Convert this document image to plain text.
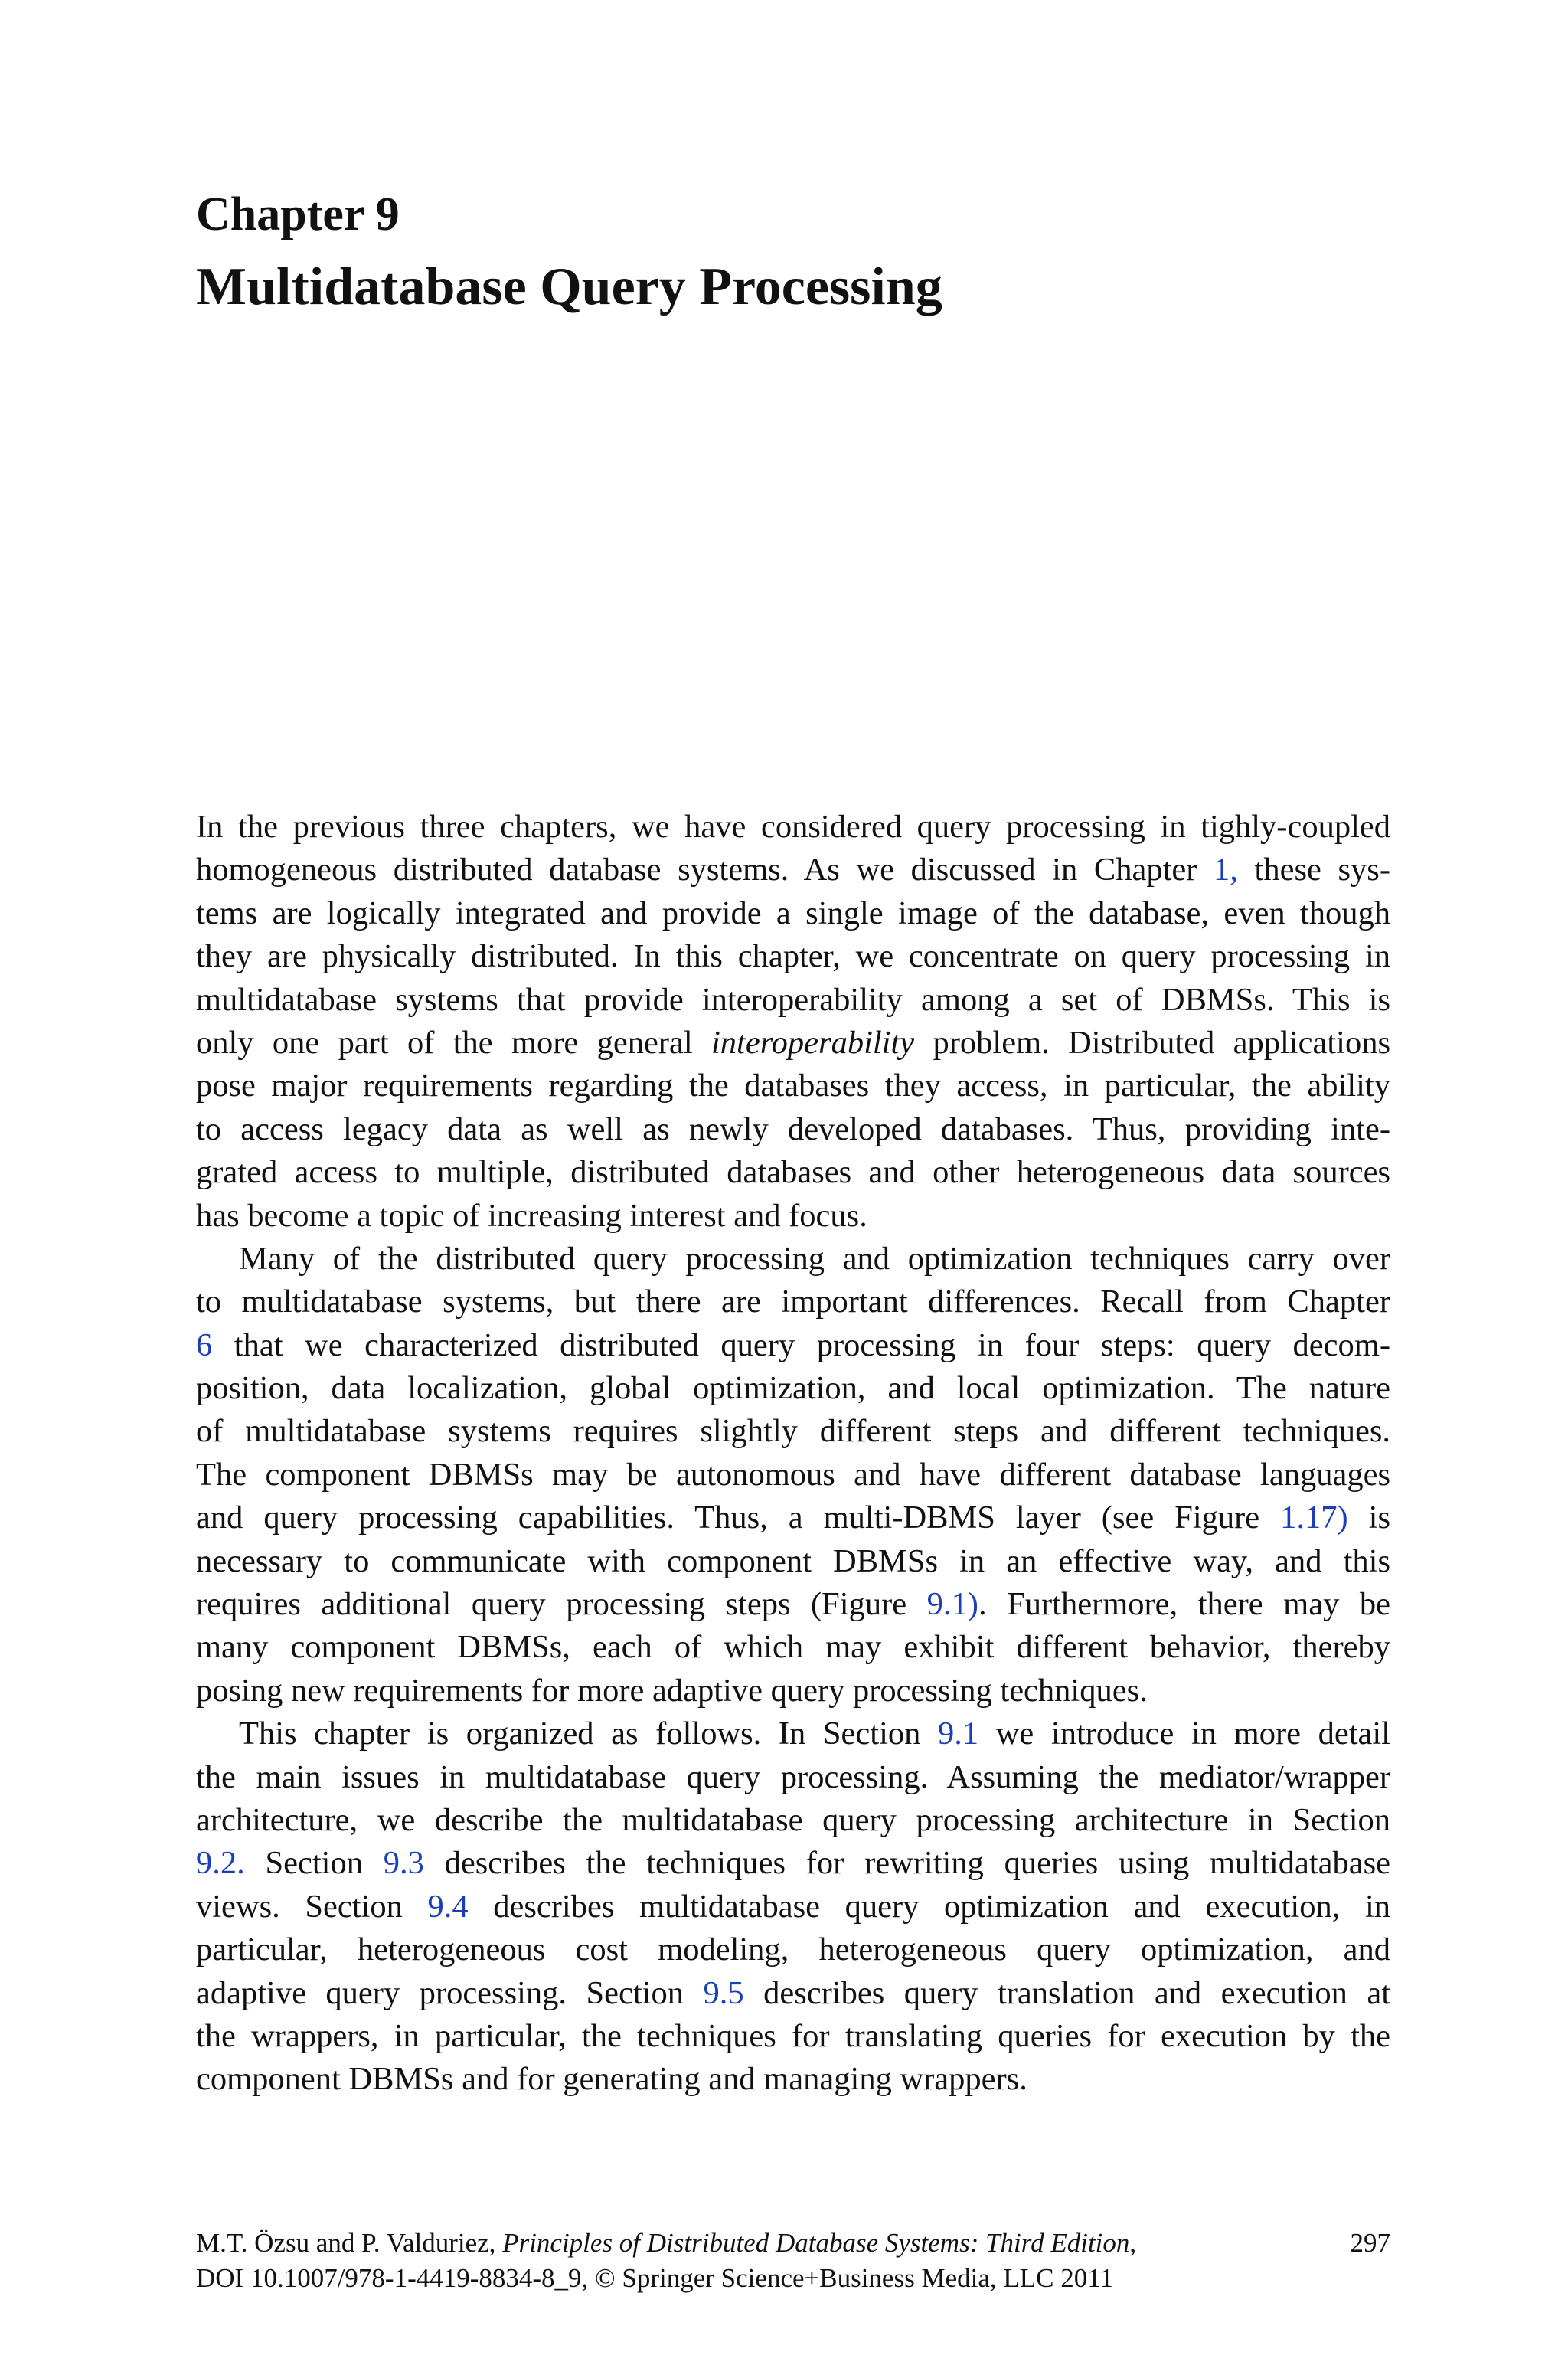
Chapter 9
Multidatabase Query Processing
In the previous three chapters, we have considered query processing in tighly-coupled
homogeneous distributed database systems. As we discussed in Chapter 1, these sys-
tems are logically integrated and provide a single image of the database, even though
they are physically distributed. In this chapter, we concentrate on query processing in
multidatabase systems that provide interoperability among a set of DBMSs. This is
only one part of the more general interoperability problem. Distributed applications
pose major requirements regarding the databases they access, in particular, the ability
to access legacy data as well as newly developed databases. Thus, providing inte-
grated access to multiple, distributed databases and other heterogeneous data sources
has become a topic of increasing interest and focus.
Many of the distributed query processing and optimization techniques carry over
to multidatabase systems, but there are important differences. Recall from Chapter
6 that we characterized distributed query processing in four steps: query decom-
position, data localization, global optimization, and local optimization. The nature
of multidatabase systems requires slightly different steps and different techniques.
The component DBMSs may be autonomous and have different database languages
and query processing capabilities. Thus, a multi-DBMS layer (see Figure 1.17) is
necessary to communicate with component DBMSs in an effective way, and this
requires additional query processing steps (Figure 9.1). Furthermore, there may be
many component DBMSs, each of which may exhibit different behavior, thereby
posing new requirements for more adaptive query processing techniques.
This chapter is organized as follows. In Section 9.1 we introduce in more detail
the main issues in multidatabase query processing. Assuming the mediator/wrapper
architecture, we describe the multidatabase query processing architecture in Section
9.2. Section 9.3 describes the techniques for rewriting queries using multidatabase
views. Section 9.4 describes multidatabase query optimization and execution, in
particular, heterogeneous cost modeling, heterogeneous query optimization, and
adaptive query processing. Section 9.5 describes query translation and execution at
the wrappers, in particular, the techniques for translating queries for execution by the
component DBMSs and for generating and managing wrappers.
M.T. Özsu and P. Valduriez, Principles of Distributed Database Systems: Third Edition,
DOI 10.1007/978-1-4419-8834-8_9, © Springer Science+Business Media, LLC 2011
297
